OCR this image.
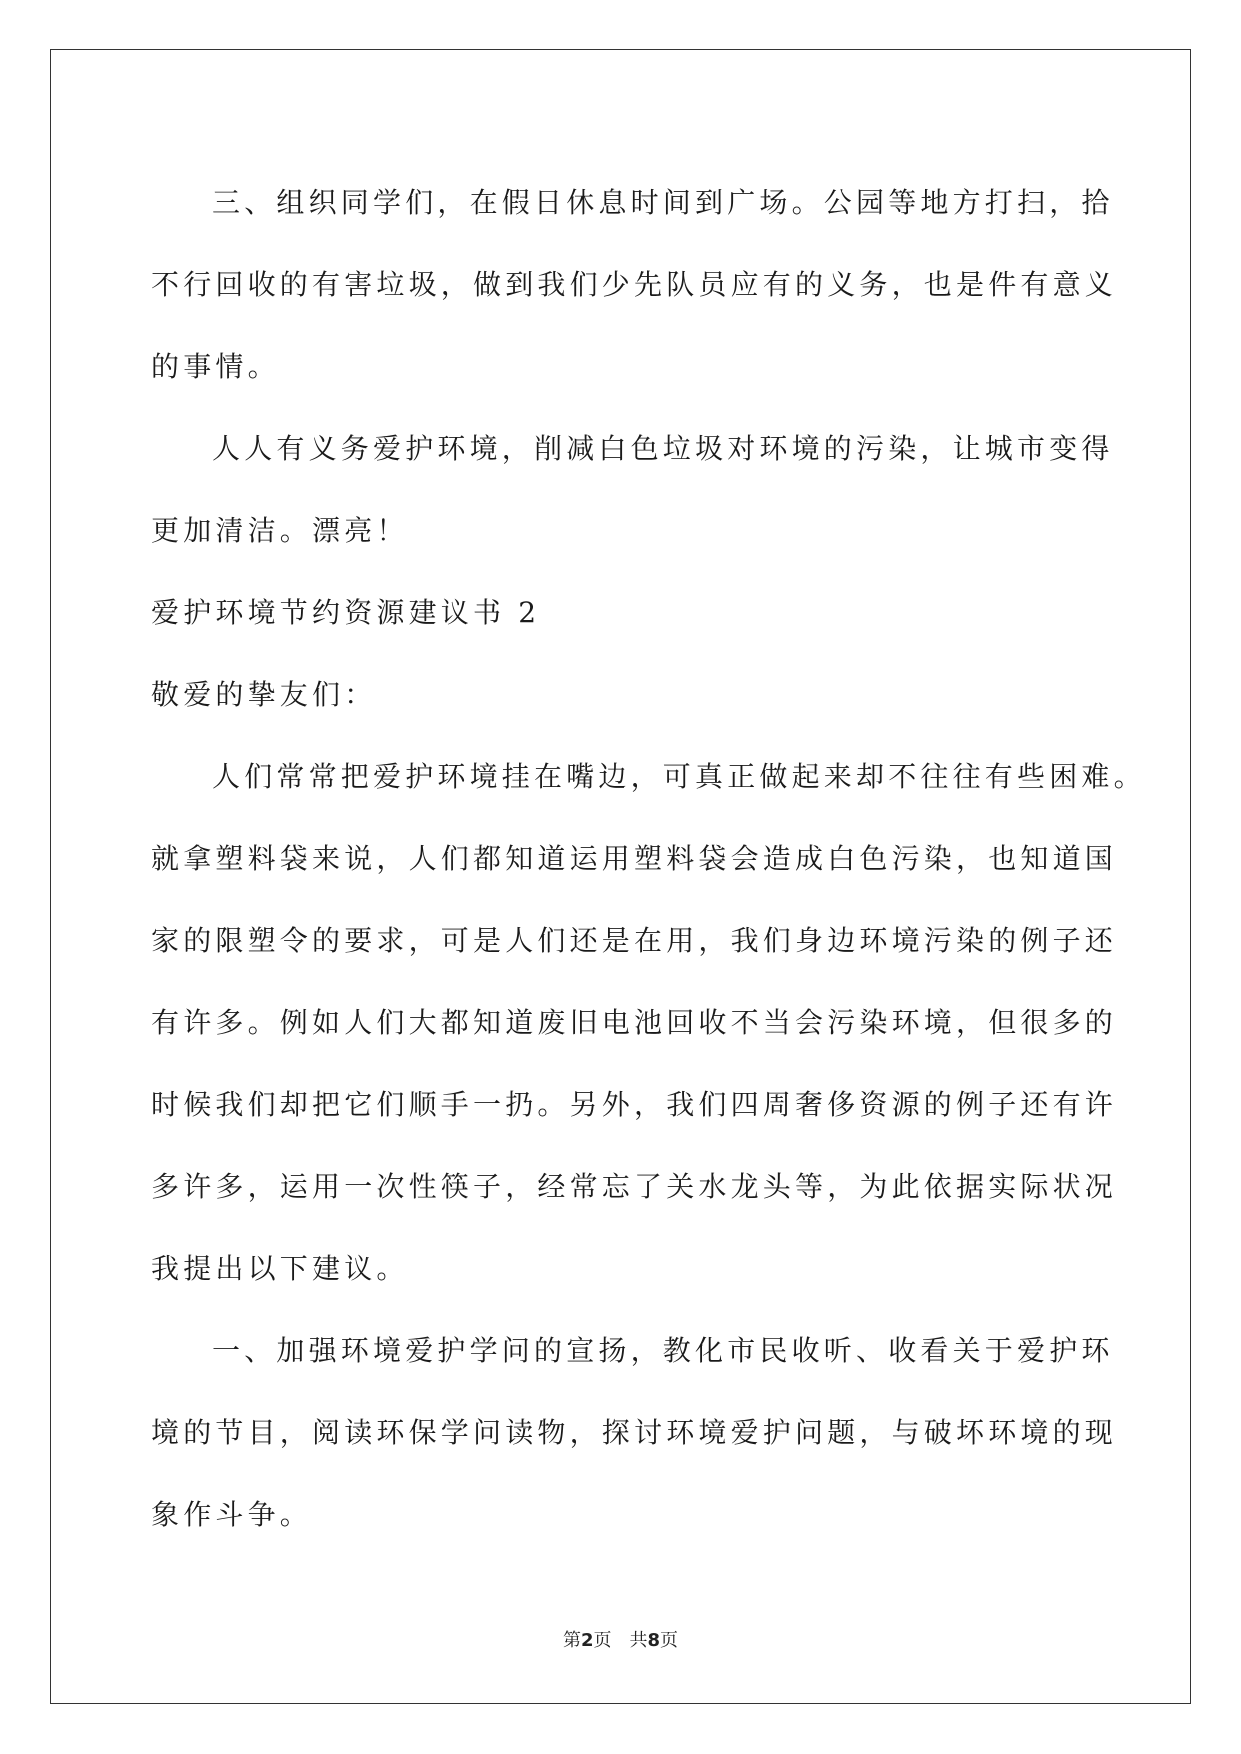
三、组织同学们，在假日休息时间到广场。公园等地方打扫，拾
不行回收的有害垃圾，做到我们少先队员应有的义务，也是件有意义
的事情。
人人有义务爱护环境，削减白色垃圾对环境的污染，让城市变得
更加清洁。漂亮！
爱护环境节约资源建议书 2
敬爱的挚友们：
人们常常把爱护环境挂在嘴边，可真正做起来却不往往有些困难。
就拿塑料袋来说，人们都知道运用塑料袋会造成白色污染，也知道国
家的限塑令的要求，可是人们还是在用，我们身边环境污染的例子还
有许多。例如人们大都知道废旧电池回收不当会污染环境，但很多的
时候我们却把它们顺手一扔。另外，我们四周奢侈资源的例子还有许
多许多，运用一次性筷子，经常忘了关水龙头等，为此依据实际状况
我提出以下建议。
一、加强环境爱护学问的宣扬，教化市民收听、收看关于爱护环
境的节目，阅读环保学问读物，探讨环境爱护问题，与破坏环境的现
象作斗争。
第2页 共8页
